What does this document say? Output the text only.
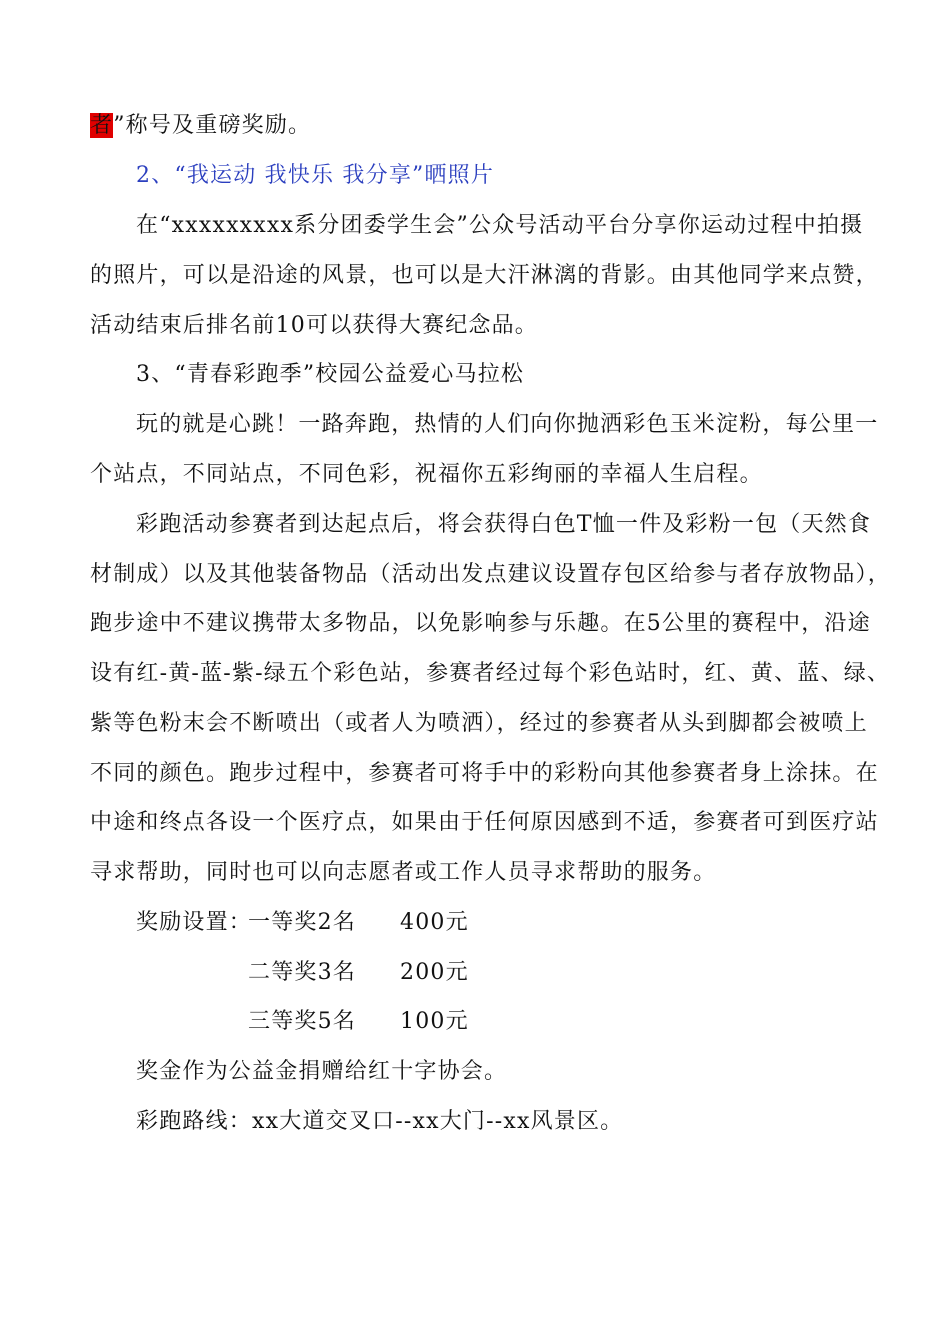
者”称号及重磅奖励。
2、“我运动 我快乐 我分享”晒照片
在“xxxxxxxxx系分团委学生会”公众号活动平台分享你运动过程中拍摄
的照片，可以是沿途的风景，也可以是大汗淋漓的背影。由其他同学来点赞，
活动结束后排名前10可以获得大赛纪念品。
3、“青春彩跑季”校园公益爱心马拉松
玩的就是心跳！一路奔跑，热情的人们向你抛洒彩色玉米淀粉，每公里一
个站点，不同站点，不同色彩，祝福你五彩绚丽的幸福人生启程。
彩跑活动参赛者到达起点后，将会获得白色T恤一件及彩粉一包（天然食
材制成）以及其他装备物品（活动出发点建议设置存包区给参与者存放物品），
跑步途中不建议携带太多物品，以免影响参与乐趣。在5公里的赛程中，沿途
设有红-黄-蓝-紫-绿五个彩色站，参赛者经过每个彩色站时，红、黄、蓝、绿、
紫等色粉末会不断喷出（或者人为喷洒），经过的参赛者从头到脚都会被喷上
不同的颜色。跑步过程中，参赛者可将手中的彩粉向其他参赛者身上涂抹。在
中途和终点各设一个医疗点，如果由于任何原因感到不适，参赛者可到医疗站
寻求帮助，同时也可以向志愿者或工作人员寻求帮助的服务。
奖励设置：一等奖2名 400元
二等奖3名 200元
三等奖5名 100元
奖金作为公益金捐赠给红十字协会。
彩跑路线：xx大道交叉口--xx大门--xx风景区。
